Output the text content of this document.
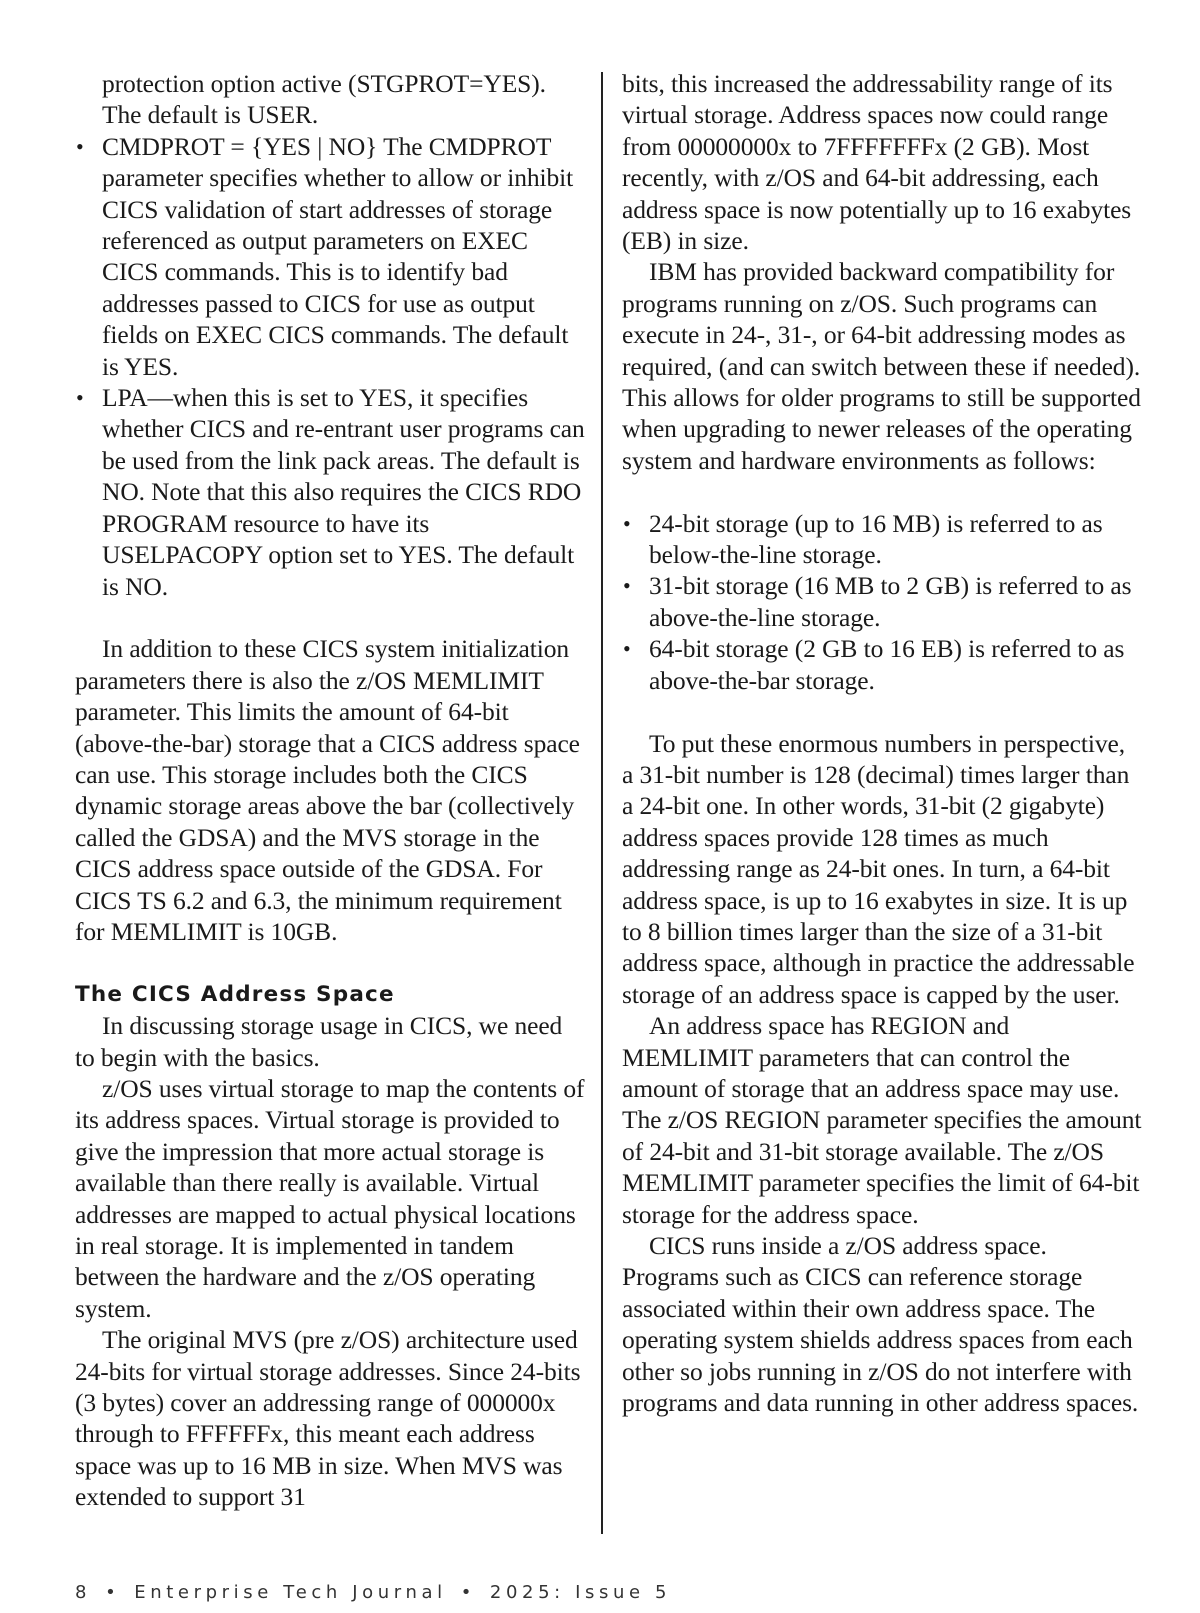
protection option active (STGPROT=YES). The default is USER.

• CMDPROT = {YES | NO} The CMDPROT parameter specifies whether to allow or inhibit CICS validation of start addresses of storage referenced as output parameters on EXEC CICS commands. This is to identify bad addresses passed to CICS for use as output fields on EXEC CICS commands. The default is YES.
• LPA—when this is set to YES, it specifies whether CICS and re-entrant user programs can be used from the link pack areas. The default is NO. Note that this also requires the CICS RDO PROGRAM resource to have its USELPACOPY option set to YES. The default is NO.

In addition to these CICS system initialization parameters there is also the z/OS MEMLIMIT parameter. This limits the amount of 64-bit (above-the-bar) storage that a CICS address space can use. This storage includes both the CICS dynamic storage areas above the bar (collectively called the GDSA) and the MVS storage in the CICS address space outside of the GDSA. For CICS TS 6.2 and 6.3, the minimum requirement for MEMLIMIT is 10GB.

The CICS Address Space

In discussing storage usage in CICS, we need to begin with the basics.

z/OS uses virtual storage to map the contents of its address spaces. Virtual storage is provided to give the impression that more actual storage is available than there really is available. Virtual addresses are mapped to actual physical locations in real storage. It is implemented in tandem between the hardware and the z/OS operating system.

The original MVS (pre z/OS) architecture used 24-bits for virtual storage addresses. Since 24-bits (3 bytes) cover an addressing range of 000000x through to FFFFFFx, this meant each address space was up to 16 MB in size. When MVS was extended to support 31

bits, this increased the addressability range of its virtual storage. Address spaces now could range from 00000000x to 7FFFFFFFx (2 GB). Most recently, with z/OS and 64-bit addressing, each address space is now potentially up to 16 exabytes (EB) in size.

IBM has provided backward compatibility for programs running on z/OS. Such programs can execute in 24-, 31-, or 64-bit addressing modes as required, (and can switch between these if needed). This allows for older programs to still be supported when upgrading to newer releases of the operating system and hardware environments as follows:

• 24-bit storage (up to 16 MB) is referred to as below-the-line storage.
• 31-bit storage (16 MB to 2 GB) is referred to as above-the-line storage.
• 64-bit storage (2 GB to 16 EB) is referred to as above-the-bar storage.

To put these enormous numbers in perspective, a 31-bit number is 128 (decimal) times larger than a 24-bit one. In other words, 31-bit (2 gigabyte) address spaces provide 128 times as much addressing range as 24-bit ones. In turn, a 64-bit address space, is up to 16 exabytes in size. It is up to 8 billion times larger than the size of a 31-bit address space, although in practice the addressable storage of an address space is capped by the user.

An address space has REGION and MEMLIMIT parameters that can control the amount of storage that an address space may use. The z/OS REGION parameter specifies the amount of 24-bit and 31-bit storage available. The z/OS MEMLIMIT parameter specifies the limit of 64-bit storage for the address space.

CICS runs inside a z/OS address space. Programs such as CICS can reference storage associated within their own address space. The operating system shields address spaces from each other so jobs running in z/OS do not interfere with programs and data running in other address spaces.

8 • Enterprise Tech Journal • 2025: Issue 5
